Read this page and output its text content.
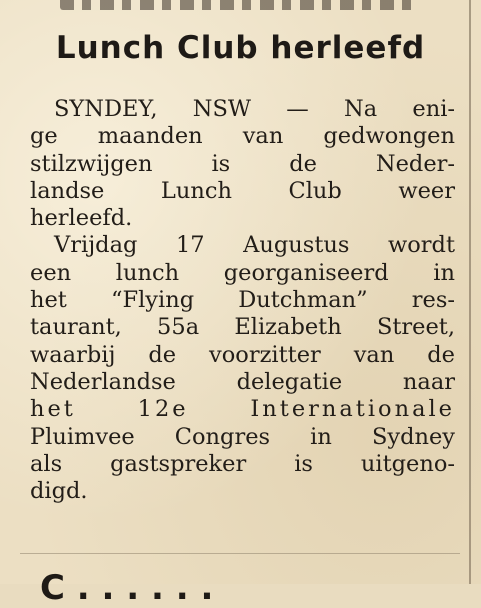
Lunch Club herleefd
SYNDEY, NSW — Na eni-
ge maanden van gedwongen
stilzwijgen is de Neder-
landse Lunch Club weer
herleefd.
Vrijdag 17 Augustus wordt
een lunch georganiseerd in
het “Flying Dutchman” res-
taurant, 55a Elizabeth Street,
waarbij de voorzitter van de
Nederlandse delegatie naar
het 12e Internationale
Pluimvee Congres in Sydney
als gastspreker is uitgeno-
digd.
C . . . . . .
